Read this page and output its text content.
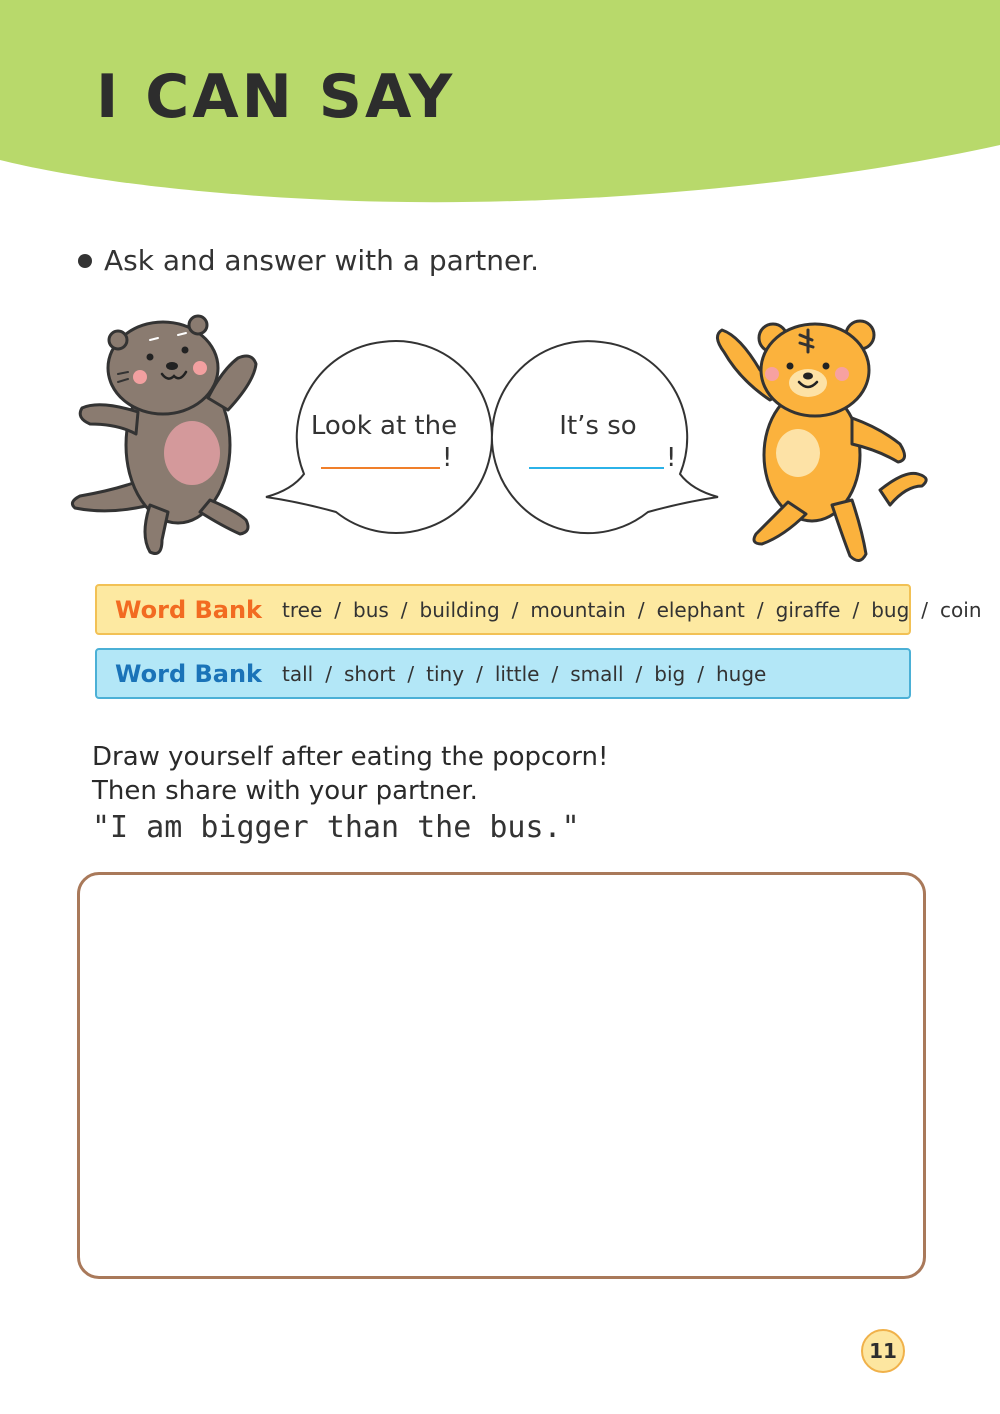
I CAN SAY
Ask and answer with a partner.
Look at the
!
It’s so
!
Word Bank tree / bus / building / mountain / elephant / giraffe / bug / coin
Word Bank tall / short / tiny / little / small / big / huge
Draw yourself after eating the popcorn!
Then share with your partner.
"I am bigger than the bus."
11
